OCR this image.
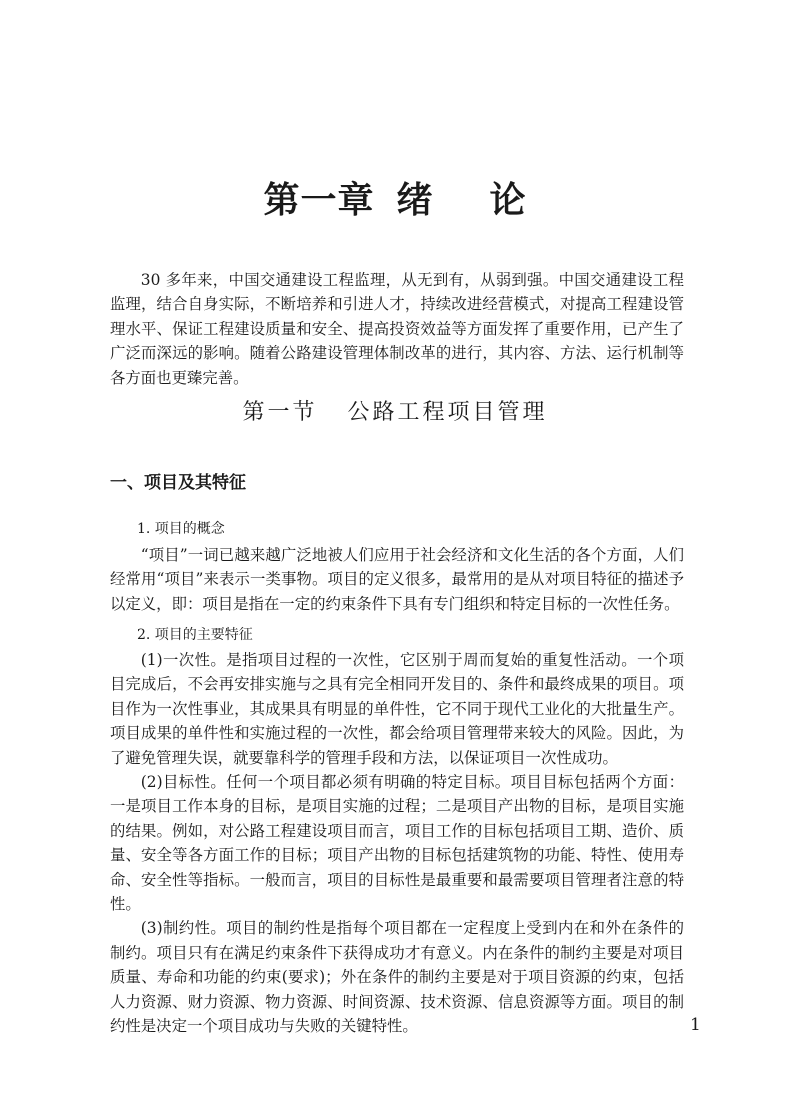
第一章 绪 论

30 多年来，中国交通建设工程监理，从无到有，从弱到强。中国交通建设工程监理，结合自身实际，不断培养和引进人才，持续改进经营模式，对提高工程建设管理水平、保证工程建设质量和安全、提高投资效益等方面发挥了重要作用，已产生了广泛而深远的影响。随着公路建设管理体制改革的进行，其内容、方法、运行机制等各方面也更臻完善。

第一节 公路工程项目管理
一、项目及其特征
1. 项目的概念

“项目”一词已越来越广泛地被人们应用于社会经济和文化生活的各个方面，人们经常用“项目”来表示一类事物。项目的定义很多，最常用的是从对项目特征的描述予以定义，即：项目是指在一定的约束条件下具有专门组织和特定目标的一次性任务。

2. 项目的主要特征

(1)一次性。是指项目过程的一次性，它区别于周而复始的重复性活动。一个项目完成后，不会再安排实施与之具有完全相同开发目的、条件和最终成果的项目。项目作为一次性事业，其成果具有明显的单件性，它不同于现代工业化的大批量生产。项目成果的单件性和实施过程的一次性，都会给项目管理带来较大的风险。因此，为了避免管理失误，就要靠科学的管理手段和方法，以保证项目一次性成功。

(2)目标性。任何一个项目都必须有明确的特定目标。项目目标包括两个方面：一是项目工作本身的目标，是项目实施的过程；二是项目产出物的目标，是项目实施的结果。例如，对公路工程建设项目而言，项目工作的目标包括项目工期、造价、质量、安全等各方面工作的目标；项目产出物的目标包括建筑物的功能、特性、使用寿命、安全性等指标。一般而言，项目的目标性是最重要和最需要项目管理者注意的特性。

(3)制约性。项目的制约性是指每个项目都在一定程度上受到内在和外在条件的制约。项目只有在满足约束条件下获得成功才有意义。内在条件的制约主要是对项目质量、寿命和功能的约束(要求)；外在条件的制约主要是对于项目资源的约束，包括人力资源、财力资源、物力资源、时间资源、技术资源、信息资源等方面。项目的制约性是决定一个项目成功与失败的关键特性。	1
